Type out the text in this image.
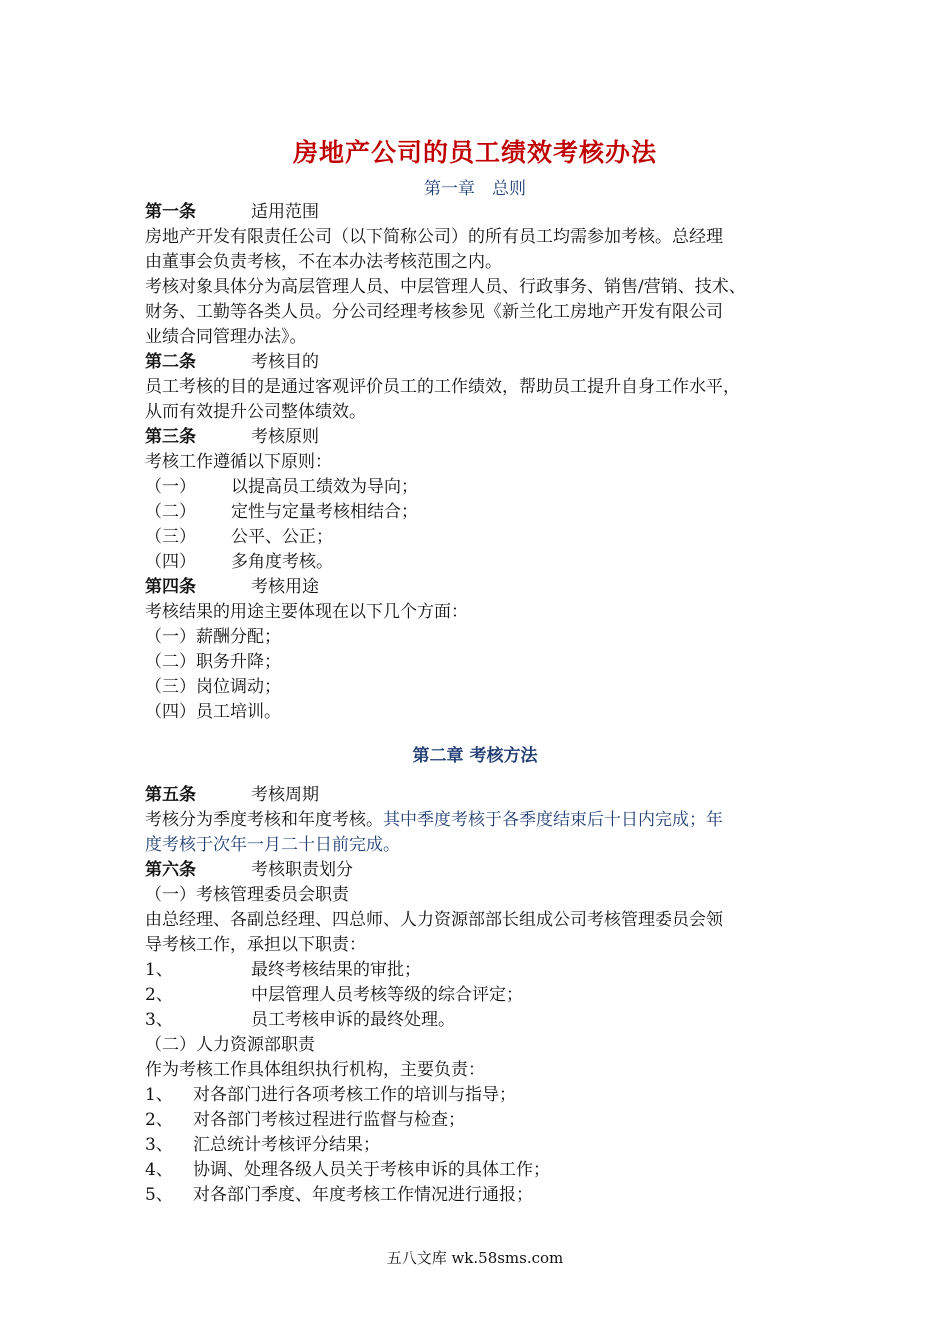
房地产公司的员工绩效考核办法
第一章　总则
第一条	适用范围
房地产开发有限责任公司（以下简称公司）的所有员工均需参加考核。总经理
由董事会负责考核，不在本办法考核范围之内。
考核对象具体分为高层管理人员、中层管理人员、行政事务、销售/营销、技术、
财务、工勤等各类人员。分公司经理考核参见《新兰化工房地产开发有限公司
业绩合同管理办法》。
第二条	考核目的
员工考核的目的是通过客观评价员工的工作绩效，帮助员工提升自身工作水平，
从而有效提升公司整体绩效。
第三条	考核原则
考核工作遵循以下原则：
（一） 以提高员工绩效为导向；
（二） 定性与定量考核相结合；
（三） 公平、公正；
（四） 多角度考核。
第四条	考核用途
考核结果的用途主要体现在以下几个方面：
（一）薪酬分配；
（二）职务升降；
（三）岗位调动；
（四）员工培训。
第二章 考核方法
第五条	考核周期
考核分为季度考核和年度考核。其中季度考核于各季度结束后十日内完成；年
度考核于次年一月二十日前完成。
第六条	考核职责划分
（一）考核管理委员会职责
由总经理、各副总经理、四总师、人力资源部部长组成公司考核管理委员会领
导考核工作，承担以下职责：
1、	最终考核结果的审批；
2、	中层管理人员考核等级的综合评定；
3、	员工考核申诉的最终处理。
（二）人力资源部职责
作为考核工作具体组织执行机构，主要负责：
1、 对各部门进行各项考核工作的培训与指导；
2、 对各部门考核过程进行监督与检查；
3、 汇总统计考核评分结果；
4、 协调、处理各级人员关于考核申诉的具体工作；
5、 对各部门季度、年度考核工作情况进行通报；
五八文库 wk.58sms.com
